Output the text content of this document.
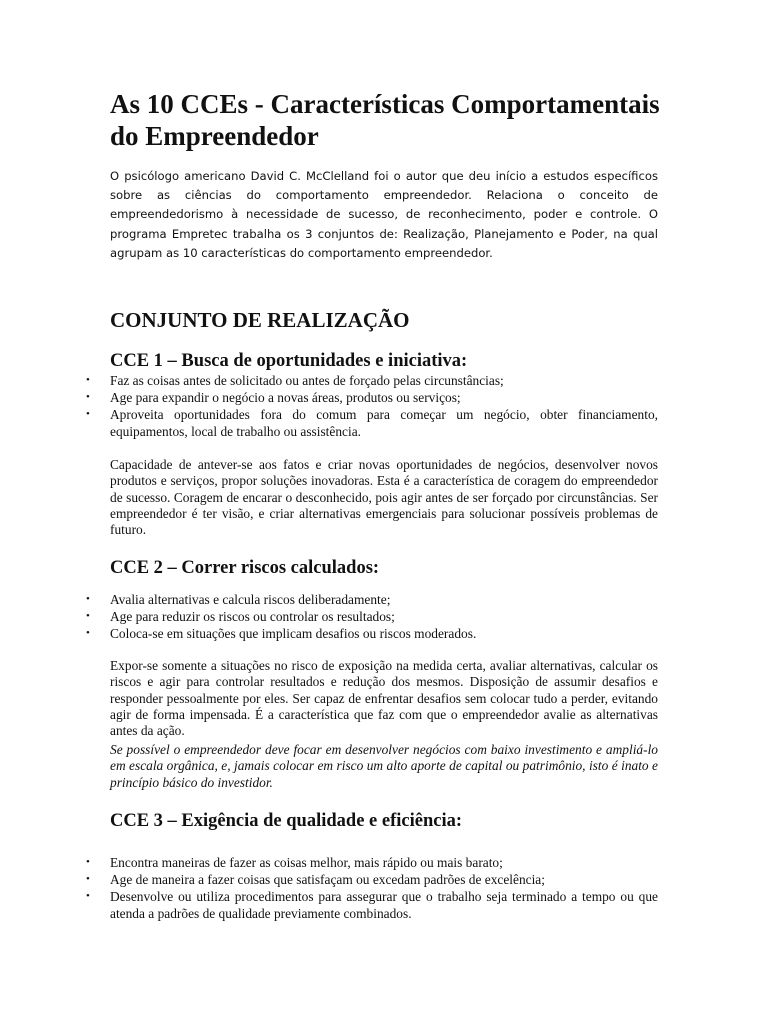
As 10 CCEs - Características Comportamentais do Empreendedor

O psicólogo americano David C. McClelland foi o autor que deu início a estudos específicos sobre as ciências do comportamento empreendedor. Relaciona o conceito de empreendedorismo à necessidade de sucesso, de reconhecimento, poder e controle. O programa Empretec trabalha os 3 conjuntos de: Realização, Planejamento e Poder, na qual agrupam as 10 características do comportamento empreendedor.

CONJUNTO DE REALIZAÇÃO
CCE 1 – Busca de oportunidades e iniciativa:
• Faz as coisas antes de solicitado ou antes de forçado pelas circunstâncias;
• Age para expandir o negócio a novas áreas, produtos ou serviços;
• Aproveita oportunidades fora do comum para começar um negócio, obter financiamento, equipamentos, local de trabalho ou assistência.

Capacidade de antever-se aos fatos e criar novas oportunidades de negócios, desenvolver novos produtos e serviços, propor soluções inovadoras. Esta é a característica de coragem do empreendedor de sucesso. Coragem de encarar o desconhecido, pois agir antes de ser forçado por circunstâncias. Ser empreendedor é ter visão, e criar alternativas emergenciais para solucionar possíveis problemas de futuro.

CCE 2 – Correr riscos calculados:
• Avalia alternativas e calcula riscos deliberadamente;
• Age para reduzir os riscos ou controlar os resultados;
• Coloca-se em situações que implicam desafios ou riscos moderados.

Expor-se somente a situações no risco de exposição na medida certa, avaliar alternativas, calcular os riscos e agir para controlar resultados e redução dos mesmos. Disposição de assumir desafios e responder pessoalmente por eles. Ser capaz de enfrentar desafios sem colocar tudo a perder, evitando agir de forma impensada. É a característica que faz com que o empreendedor avalie as alternativas antes da ação.

Se possível o empreendedor deve focar em desenvolver negócios com baixo investimento e ampliá-lo em escala orgânica, e, jamais colocar em risco um alto aporte de capital ou patrimônio, isto é inato e princípio básico do investidor.

CCE 3 – Exigência de qualidade e eficiência:
• Encontra maneiras de fazer as coisas melhor, mais rápido ou mais barato;
• Age de maneira a fazer coisas que satisfaçam ou excedam padrões de excelência;
• Desenvolve ou utiliza procedimentos para assegurar que o trabalho seja terminado a tempo ou que atenda a padrões de qualidade previamente combinados.
